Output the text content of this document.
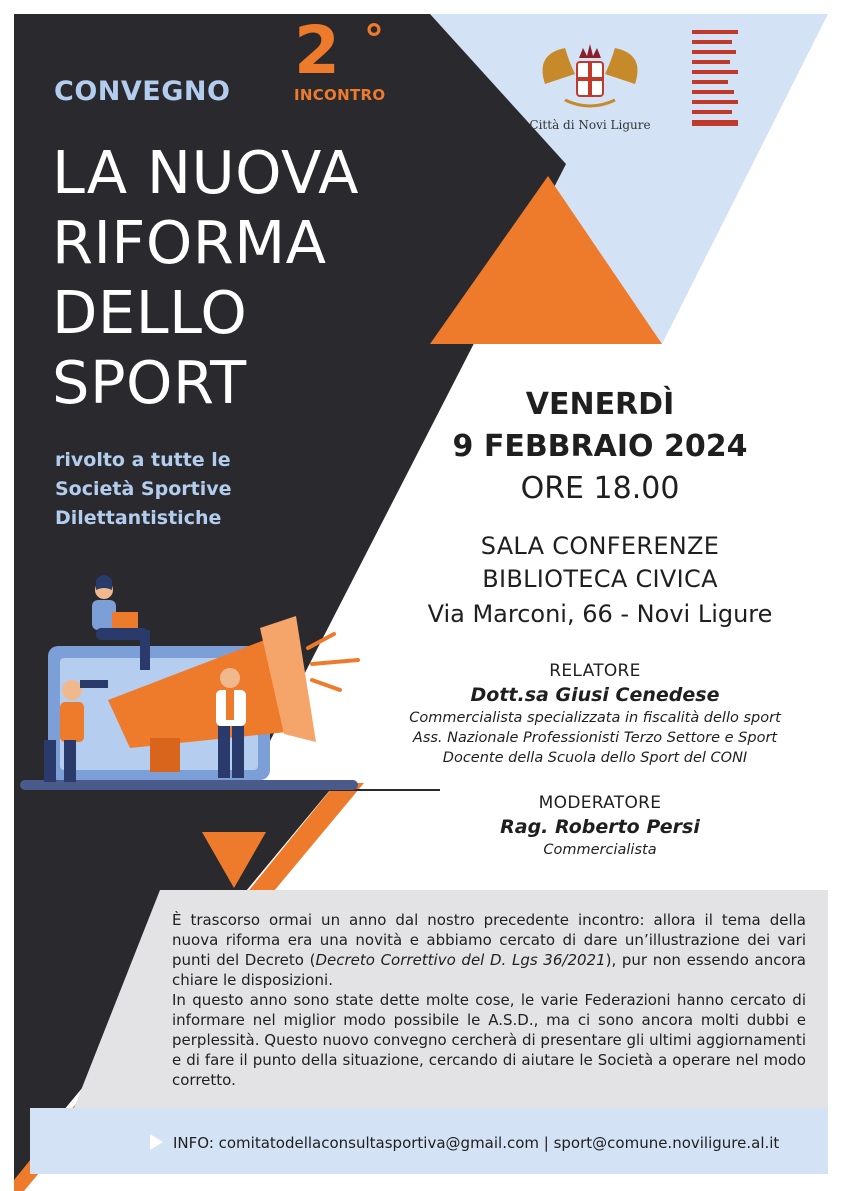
CONVEGNO
2 °
INCONTRO
LA NUOVA
RIFORMA
DELLO
SPORT
rivolto a tutte le
Società Sportive
Dilettantistiche
Città di Novi Ligure
VENERDÌ
9 FEBBRAIO 2024
ORE 18.00
SALA CONFERENZE
BIBLIOTECA CIVICA
Via Marconi, 66 - Novi Ligure
RELATORE
Dott.sa Giusi Cenedese
Commercialista specializzata in fiscalità dello sport
Ass. Nazionale Professionisti Terzo Settore e Sport
Docente della Scuola dello Sport del CONI
MODERATORE
Rag. Roberto Persi
Commercialista

È trascorso ormai un anno dal nostro precedente incontro: allora il tema della nuova riforma era una novità e abbiamo cercato di dare un’illustrazione dei vari punti del Decreto (Decreto Correttivo del D. Lgs 36/2021), pur non essendo ancora chiare le disposizioni.

In questo anno sono state dette molte cose, le varie Federazioni hanno cercato di informare nel miglior modo possibile le A.S.D., ma ci sono ancora molti dubbi e perplessità. Questo nuovo convegno cercherà di presentare gli ultimi aggiornamenti e di fare il punto della situazione, cercando di aiutare le Società a operare nel modo corretto.

INFO: comitatodellaconsultasportiva@gmail.com | sport@comune.noviligure.al.it
